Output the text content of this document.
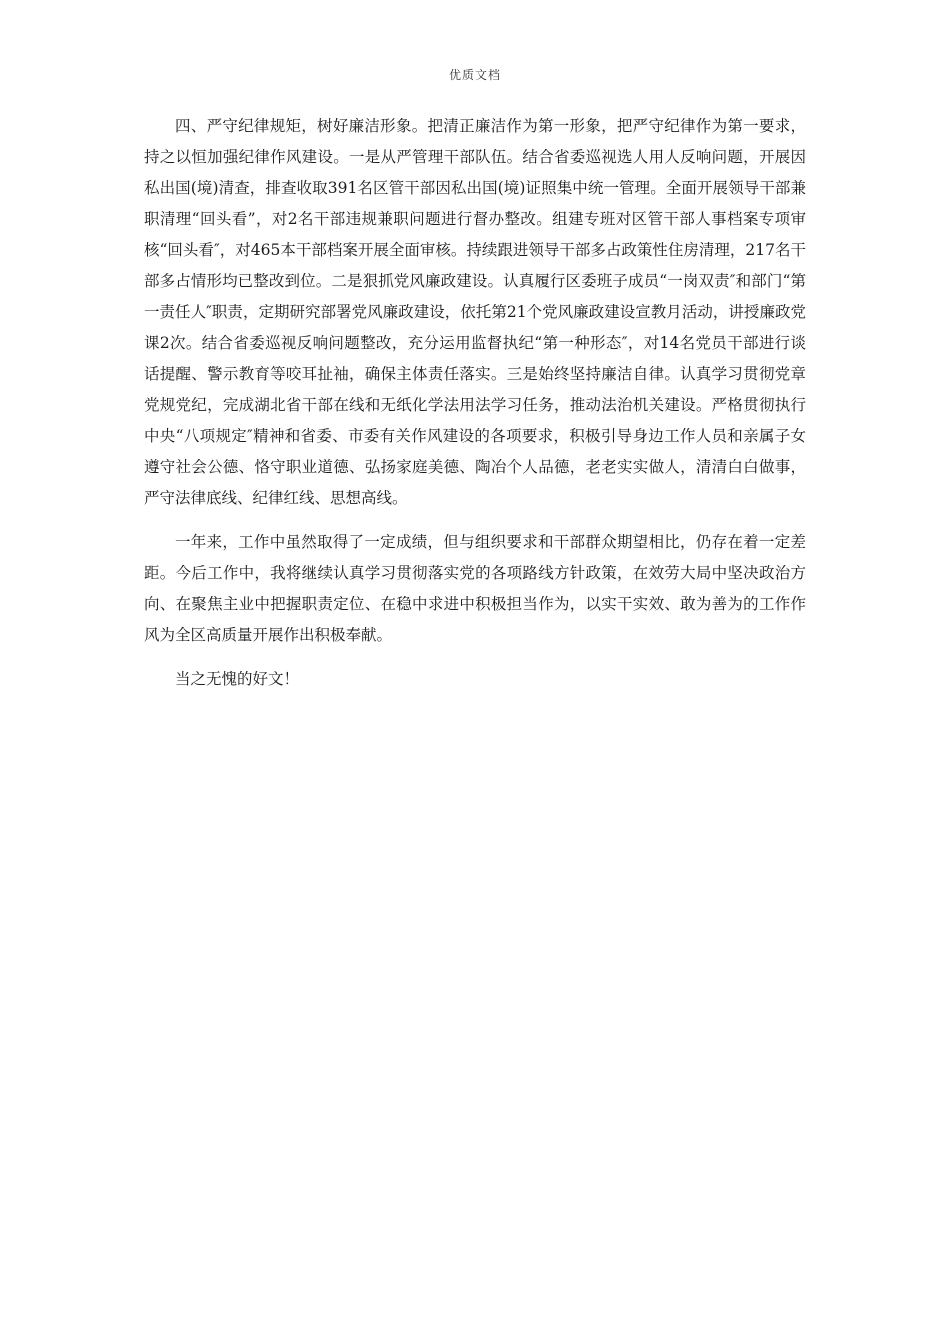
优质文档

四、严守纪律规矩，树好廉洁形象。把清正廉洁作为第一形象，把严守纪律作为第一要求，持之以恒加强纪律作风建设。一是从严管理干部队伍。结合省委巡视选人用人反响问题，开展因私出国(境)清查，排查收取391名区管干部因私出国(境)证照集中统一管理。全面开展领导干部兼职清理“回头看”，对2名干部违规兼职问题进行督办整改。组建专班对区管干部人事档案专项审核“回头看″，对465本干部档案开展全面审核。持续跟进领导干部多占政策性住房清理，217名干部多占情形均已整改到位。二是狠抓党风廉政建设。认真履行区委班子成员“一岗双责″和部门“第一责任人″职责，定期研究部署党风廉政建设，依托第21个党风廉政建设宣教月活动，讲授廉政党课2次。结合省委巡视反响问题整改，充分运用监督执纪“第一种形态″，对14名党员干部进行谈话提醒、警示教育等咬耳扯袖，确保主体责任落实。三是始终坚持廉洁自律。认真学习贯彻党章党规党纪，完成湖北省干部在线和无纸化学法用法学习任务，推动法治机关建设。严格贯彻执行中央“八项规定″精神和省委、市委有关作风建设的各项要求，积极引导身边工作人员和亲属子女遵守社会公德、恪守职业道德、弘扬家庭美德、陶冶个人品德，老老实实做人，清清白白做事，严守法律底线、纪律红线、思想高线。

一年来，工作中虽然取得了一定成绩，但与组织要求和干部群众期望相比，仍存在着一定差距。今后工作中，我将继续认真学习贯彻落实党的各项路线方针政策，在效劳大局中坚决政治方向、在聚焦主业中把握职责定位、在稳中求进中积极担当作为，以实干实效、敢为善为的工作作风为全区高质量开展作出积极奉献。

当之无愧的好文！
